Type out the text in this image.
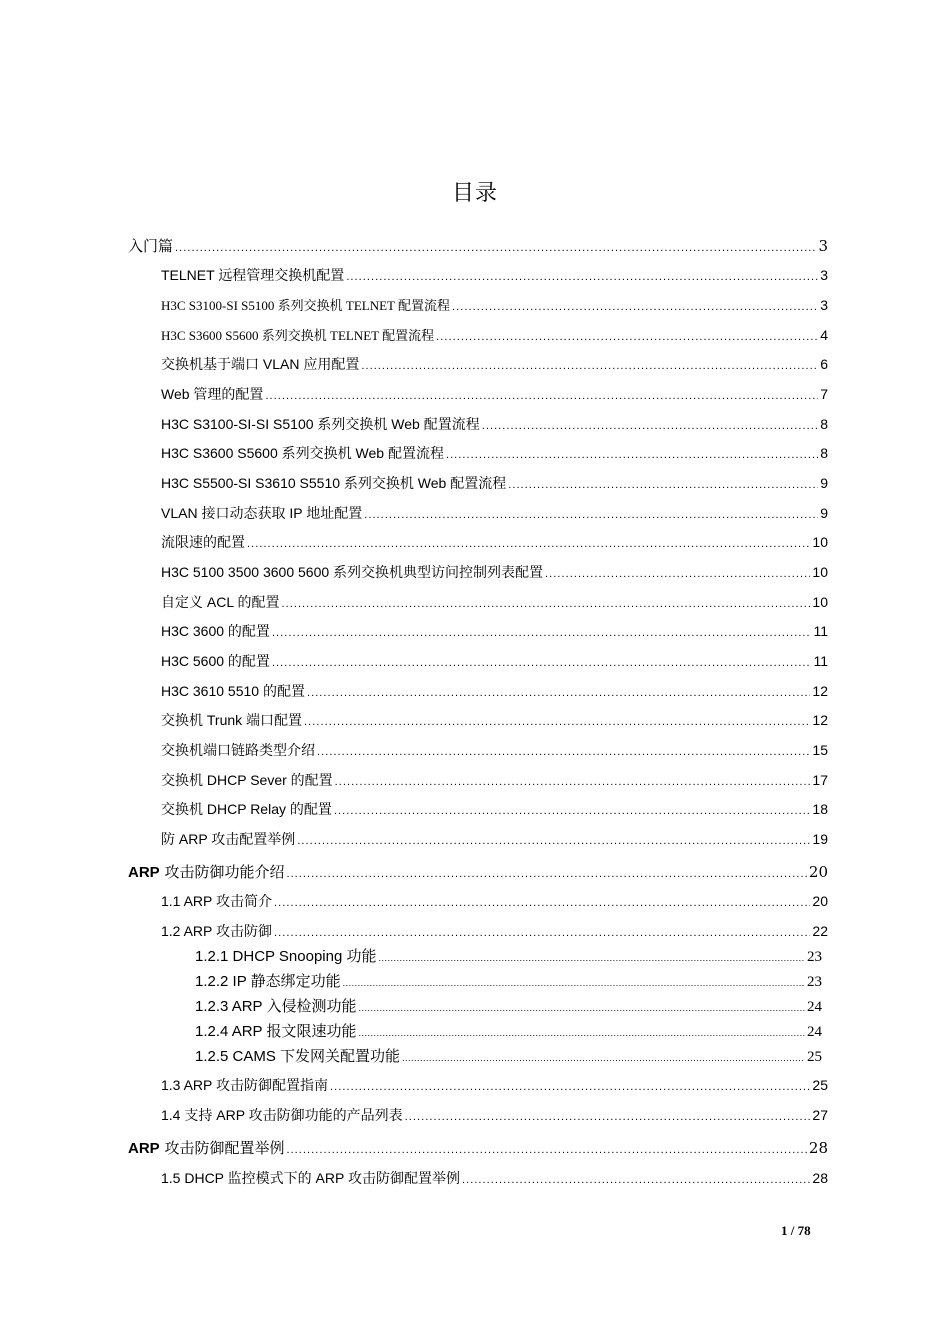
目录
入门篇 . . .	3
TELNET 远程管理交换机配置 . . .	3
H3C S3100-SI S5100 系列交换机 TELNET 配置流程 . . .	3
H3C S3600 S5600 系列交换机 TELNET 配置流程 . . .	4
交换机基于端口 VLAN 应用配置 . . .	6
Web 管理的配置 . . .	7
H3C S3100-SI-SI S5100 系列交换机 Web 配置流程 . . .	8
H3C S3600 S5600 系列交换机 Web 配置流程 . . .	8
H3C S5500-SI S3610 S5510 系列交换机 Web 配置流程 . . .	9
VLAN 接口动态获取 IP 地址配置 . . .	9
流限速的配置 . . .	10
H3C 5100 3500 3600 5600 系列交换机典型访问控制列表配置 . . .	10
自定义 ACL 的配置 . . .	10
H3C 3600 的配置 . . .	11
H3C 5600 的配置 . . .	11
H3C 3610 5510 的配置 . . .	12
交换机 Trunk 端口配置 . . .	12
交换机端口链路类型介绍 . . .	15
交换机 DHCP Sever 的配置 . . .	17
交换机 DHCP Relay 的配置 . . .	18
防 ARP 攻击配置举例 . . .	19
ARP 攻击防御功能介绍 . . .	20
1.1 ARP 攻击简介 . . .	20
1.2 ARP 攻击防御 . . .	22
1.2.1 DHCP Snooping 功能 . . .	23
1.2.2 IP 静态绑定功能 . . .	23
1.2.3 ARP 入侵检测功能 . . .	24
1.2.4 ARP 报文限速功能 . . .	24
1.2.5 CAMS 下发网关配置功能 . . .	25
1.3 ARP 攻击防御配置指南 . . .	25
1.4 支持 ARP 攻击防御功能的产品列表 . . .	27
ARP 攻击防御配置举例 . . .	28
1.5 DHCP 监控模式下的 ARP 攻击防御配置举例 . . .	28
1 / 78
